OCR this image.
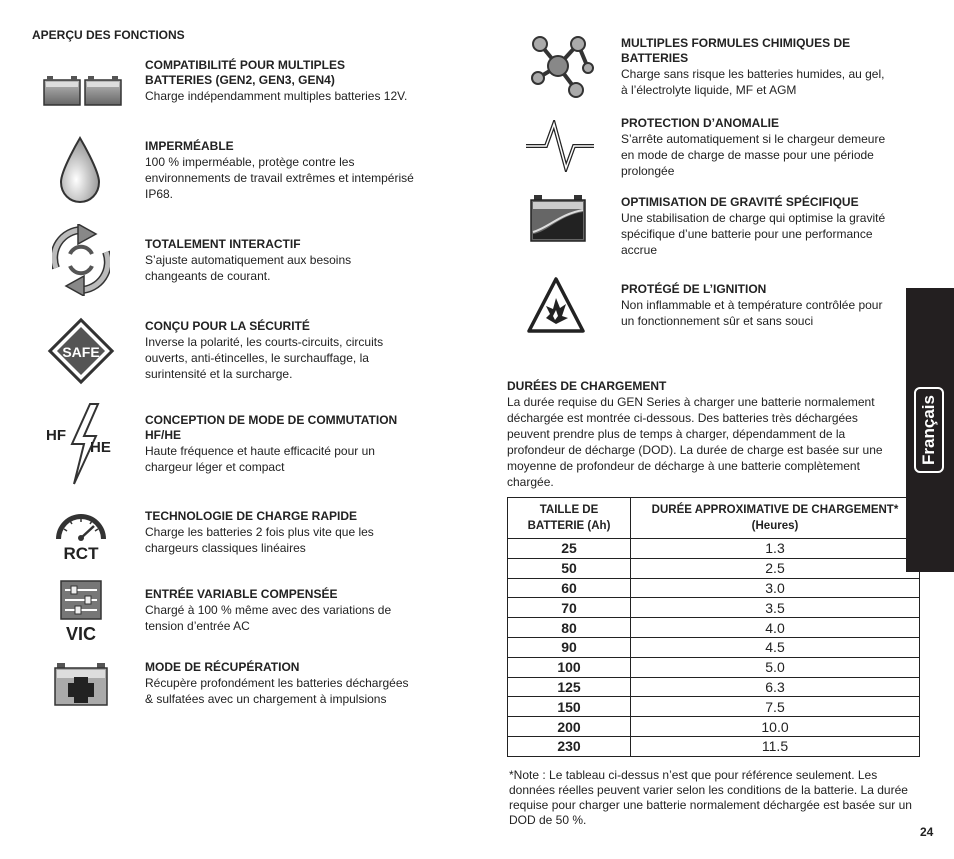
APERÇU DES FONCTIONS
COMPATIBILITÉ POUR MULTIPLES BATTERIES (GEN2, GEN3, GEN4)
Charge indépendamment multiples batteries 12V.
IMPERMÉABLE
100 % imperméable, protège contre les environnements de travail extrêmes et intempérisé IP68.
TOTALEMENT INTERACTIF
S’ajuste automatiquement aux besoins changeants de courant.
SAFE
CONÇU POUR LA SÉCURITÉ
Inverse la polarité, les courts-circuits, circuits ouverts, anti-étincelles, le surchauffage, la surintensité et la surcharge.
HF
HE
CONCEPTION DE MODE DE COMMUTATION HF/HE
Haute fréquence et haute efficacité pour un chargeur léger et compact
RCT
TECHNOLOGIE DE CHARGE RAPIDE
Charge les batteries 2 fois plus vite que les chargeurs classiques linéaires
VIC
ENTRÉE VARIABLE COMPENSÉE
Chargé à 100 % même avec des variations de tension d’entrée AC
MODE DE RÉCUPÉRATION
Récupère profondément les batteries déchargées & sulfatées avec un chargement à impulsions
MULTIPLES FORMULES CHIMIQUES DE BATTERIES
Charge sans risque les batteries humides, au gel, à l’électrolyte liquide, MF et AGM
PROTECTION D’ANOMALIE
S’arrête automatiquement si le chargeur demeure en mode de charge de masse pour une période prolongée
OPTIMISATION DE GRAVITÉ SPÉCIFIQUE
Une stabilisation de charge qui optimise la gravité spécifique d’une batterie pour une performance accrue
PROTÉGÉ DE L’IGNITION
Non inflammable et à température contrôlée pour un fonctionnement sûr et sans souci
DURÉES DE CHARGEMENT
La durée requise du GEN Series à charger une batterie normalement déchargée est montrée ci-dessous. Des batteries très déchargées peuvent prendre plus de temps à charger, dépendamment de la profondeur de décharge (DOD). La durée de charge est basée sur une moyenne de profondeur de décharge à une batterie complètement chargée.
TAILLE DE BATTERIE (Ah)	DURÉE APPROXIMATIVE DE CHARGEMENT* (Heures)
25	1.3
50	2.5
60	3.0
70	3.5
80	4.0
90	4.5
100	5.0
125	6.3
150	7.5
200	10.0
230	11.5
*Note : Le tableau ci-dessus n’est que pour référence seulement. Les données réelles peuvent varier selon les conditions de la batterie. La durée requise pour charger une batterie normalement déchargée est basée sur un DOD de 50 %.
Français
24
